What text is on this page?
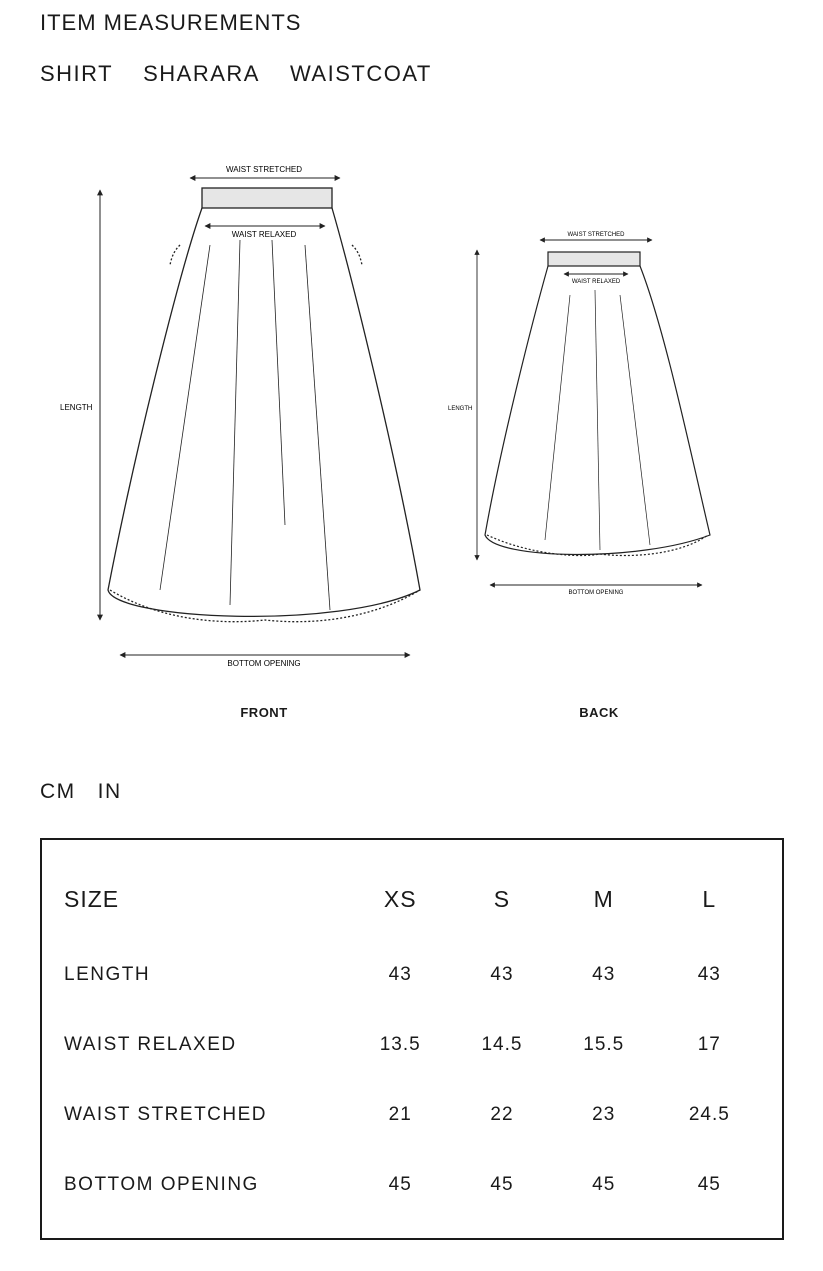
ITEM MEASUREMENTS
SHIRT SHARARA WAISTCOAT
WAIST STRETCHED
WAIST RELAXED
LENGTH
BOTTOM OPENING
WAIST STRETCHED
WAIST RELAXED
LENGTH
BOTTOM OPENING
FRONT	BACK
CM IN
SIZE	XS	S	M	L
LENGTH	43	43	43	43
WAIST RELAXED	13.5	14.5	15.5	17
WAIST STRETCHED	21	22	23	24.5
BOTTOM OPENING	45	45	45	45
